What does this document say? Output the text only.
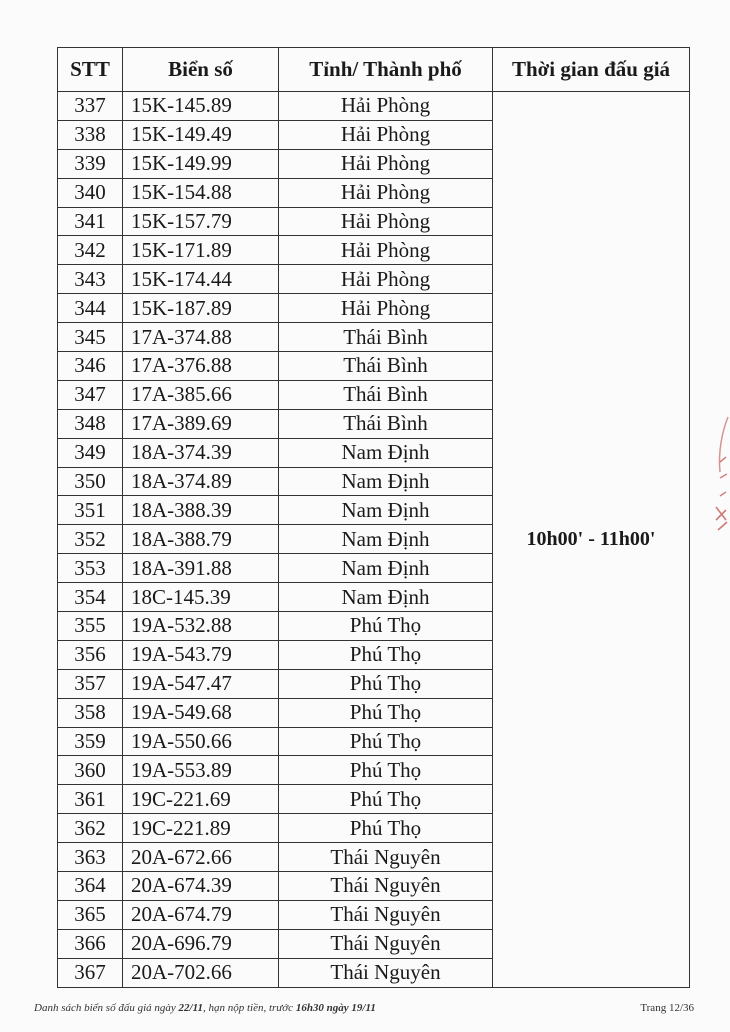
STT	Biển số	Tỉnh/ Thành phố	Thời gian đấu giá
337	15K-145.89	Hải Phòng	10h00' - 11h00'
338	15K-149.49	Hải Phòng	
339	15K-149.99	Hải Phòng	
340	15K-154.88	Hải Phòng	
341	15K-157.79	Hải Phòng	
342	15K-171.89	Hải Phòng	
343	15K-174.44	Hải Phòng	
344	15K-187.89	Hải Phòng	
345	17A-374.88	Thái Bình	
346	17A-376.88	Thái Bình	
347	17A-385.66	Thái Bình	
348	17A-389.69	Thái Bình	
349	18A-374.39	Nam Định	
350	18A-374.89	Nam Định	
351	18A-388.39	Nam Định	
352	18A-388.79	Nam Định	
353	18A-391.88	Nam Định	
354	18C-145.39	Nam Định	
355	19A-532.88	Phú Thọ	
356	19A-543.79	Phú Thọ	
357	19A-547.47	Phú Thọ	
358	19A-549.68	Phú Thọ	
359	19A-550.66	Phú Thọ	
360	19A-553.89	Phú Thọ	
361	19C-221.69	Phú Thọ	
362	19C-221.89	Phú Thọ	
363	20A-672.66	Thái Nguyên	
364	20A-674.39	Thái Nguyên	
365	20A-674.79	Thái Nguyên	
366	20A-696.79	Thái Nguyên	
367	20A-702.66	Thái Nguyên	
Danh sách biển số đấu giá ngày 22/11, hạn nộp tiền, trước 16h30 ngày 19/11	Trang 12/36
